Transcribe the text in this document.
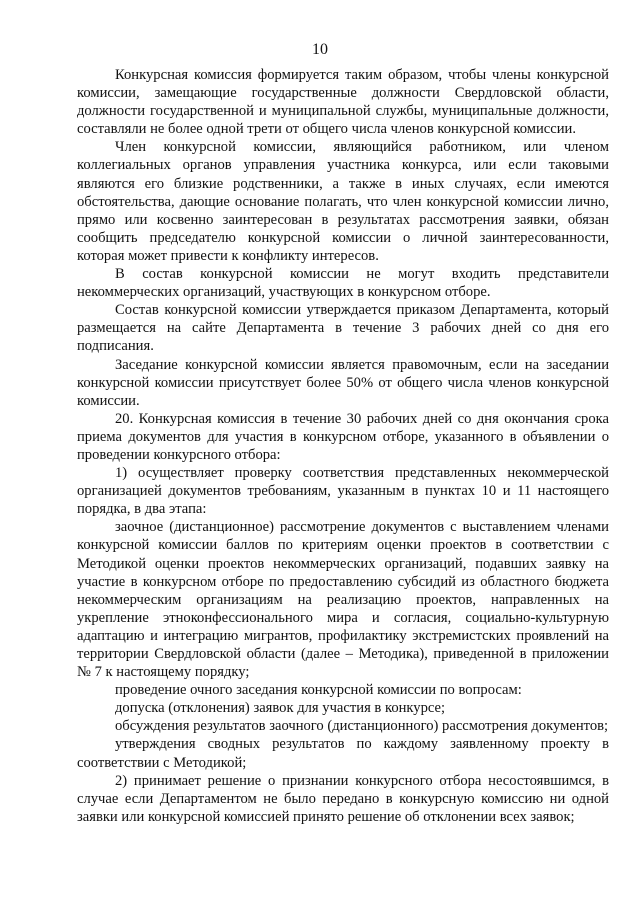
10

Конкурсная комиссия формируется таким образом, чтобы члены конкурсной комиссии, замещающие государственные должности Свердловской области, должности государственной и муниципальной службы, муниципальные должности, составляли не более одной трети от общего числа членов конкурсной комиссии.

Член конкурсной комиссии, являющийся работником, или членом коллегиальных органов управления участника конкурса, или если таковыми являются его близкие родственники, а также в иных случаях, если имеются обстоятельства, дающие основание полагать, что член конкурсной комиссии лично, прямо или косвенно заинтересован в результатах рассмотрения заявки, обязан сообщить председателю конкурсной комиссии о личной заинтересованности, которая может привести к конфликту интересов.

В состав конкурсной комиссии не могут входить представители некоммерческих организаций, участвующих в конкурсном отборе.

Состав конкурсной комиссии утверждается приказом Департамента, который размещается на сайте Департамента в течение 3 рабочих дней со дня его подписания.

Заседание конкурсной комиссии является правомочным, если на заседании конкурсной комиссии присутствует более 50% от общего числа членов конкурсной комиссии.

20. Конкурсная комиссия в течение 30 рабочих дней со дня окончания срока приема документов для участия в конкурсном отборе, указанного в объявлении о проведении конкурсного отбора:

1) осуществляет проверку соответствия представленных некоммерческой организацией документов требованиям, указанным в пунктах 10 и 11 настоящего порядка, в два этапа:

заочное (дистанционное) рассмотрение документов с выставлением членами конкурсной комиссии баллов по критериям оценки проектов в соответствии с Методикой оценки проектов некоммерческих организаций, подавших заявку на участие в конкурсном отборе по предоставлению субсидий из областного бюджета некоммерческим организациям на реализацию проектов, направленных на укрепление этноконфессионального мира и согласия, социально-культурную адаптацию и интеграцию мигрантов, профилактику экстремистских проявлений на территории Свердловской области (далее – Методика), приведенной в приложении № 7 к настоящему порядку;

проведение очного заседания конкурсной комиссии по вопросам:

допуска (отклонения) заявок для участия в конкурсе;

обсуждения результатов заочного (дистанционного) рассмотрения документов;

утверждения сводных результатов по каждому заявленному проекту в соответствии с Методикой;

2) принимает решение о признании конкурсного отбора несостоявшимся, в случае если Департаментом не было передано в конкурсную комиссию ни одной заявки или конкурсной комиссией принято решение об отклонении всех заявок;
